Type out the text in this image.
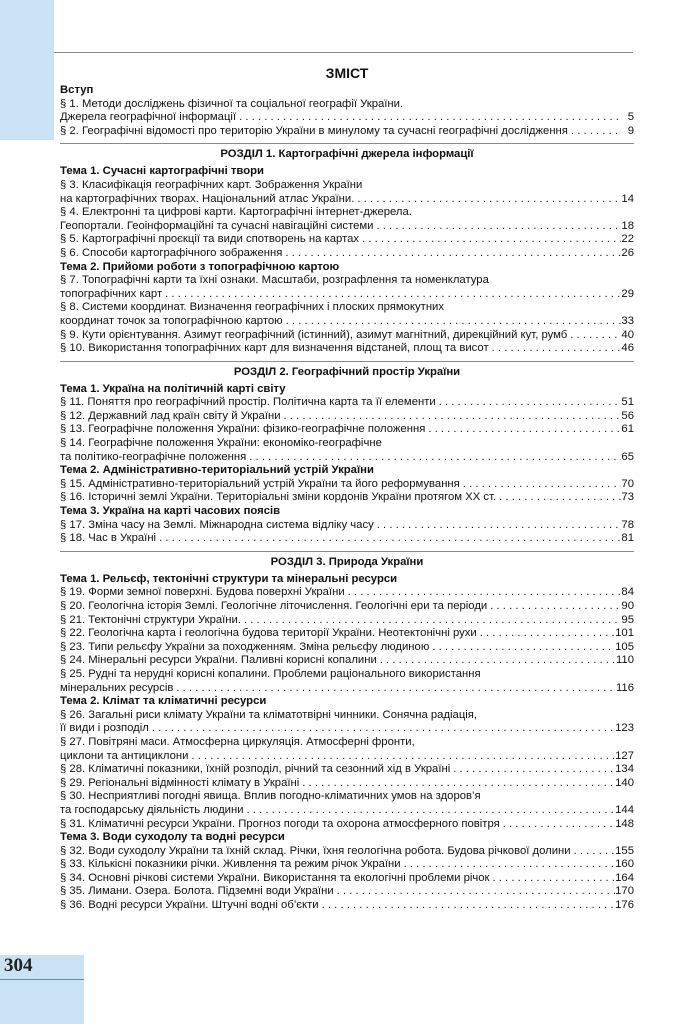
304
ЗМІСТ
Вступ
§ 1. Методи досліджень фізичної та соціальної географії України.
Джерела географічної інформації . . .	5
§ 2. Географічні відомості про територію України в минулому та сучасні географічні дослідження . . .	9
РОЗДІЛ 1. Картографічні джерела інформації
Тема 1. Сучасні картографічні твори
§ 3. Класифікація географічних карт. Зображення України
на картографічних творах. Національний атлас України. . . .	14
§ 4. Електронні та цифрові карти. Картографічні інтернет-джерела.
Геопортали. Геоінформаційні та сучасні навігаційні системи . . .	18
§ 5. Картографічні проєкції та види спотворень на картах . . .	22
§ 6. Способи картографічного зображення . . .	26
Тема 2. Прийоми роботи з топографічною картою
§ 7. Топографічні карти та їхні ознаки. Масштаби, розграфлення та номенклатура
топографічних карт . . .	29
§ 8. Системи координат. Визначення географічних і плоских прямокутних
координат точок за топографічною картою . . .	33
§ 9. Кути орієнтування. Азимут географічний (істинний), азимут магнітний, дирекційний кут, румб . . .	40
§ 10. Використання топографічних карт для визначення відстаней, площ та висот . . .	46
РОЗДІЛ 2. Географічний простір України
Тема 1. Україна на політичній карті світу
§ 11. Поняття про географічний простір. Політична карта та її елементи . . .	51
§ 12. Державний лад країн світу й України . . .	56
§ 13. Географічне положення України: фізико-географічне положення . . .	61
§ 14. Географічне положення України: економіко-географічне
та політико-географічне положення . . .	65
Тема 2. Адміністративно-територіальний устрій України
§ 15. Адміністративно-територіальний устрій України та його реформування . . .	70
§ 16. Історичні землі України. Територіальні зміни кордонів України протягом XX ст. . . .	73
Тема 3. Україна на карті часових поясів
§ 17. Зміна часу на Землі. Міжнародна система відліку часу . . .	78
§ 18. Час в Україні . . .	81
РОЗДІЛ 3. Природа України
Тема 1. Рельєф, тектонічні структури та мінеральні ресурси
§ 19. Форми земної поверхні. Будова поверхні України . . .	84
§ 20. Геологічна історія Землі. Геологічне літочислення. Геологічні ери та періоди . . .	90
§ 21. Тектонічні структури України. . . .	95
§ 22. Геологічна карта і геологічна будова території України. Неотектонічні рухи . . .	101
§ 23. Типи рельєфу України за походженням. Зміна рельєфу людиною . . .	105
§ 24. Мінеральні ресурси України. Паливні корисні копалини . . .	110
§ 25. Рудні та нерудні корисні копалини. Проблеми раціонального використання
мінеральних ресурсів . . .	116
Тема 2. Клімат та кліматичні ресурси
§ 26. Загальні риси клімату України та кліматотвірні чинники. Сонячна радіація,
її види і розподіл . . .	123
§ 27. Повітряні маси. Атмосферна циркуляція. Атмосферні фронти,
циклони та антициклони . . .	127
§ 28. Кліматичні показники, їхній розподіл, річний та сезонний хід в Україні . . .	134
§ 29. Регіональні відмінності клімату в Україні . . .	140
§ 30. Несприятливі погодні явища. Вплив погодно-кліматичних умов на здоров’я
та господарську діяльність людини . . .	144
§ 31. Кліматичні ресурси України. Прогноз погоди та охорона атмосферного повітря . . .	148
Тема 3. Води суходолу та водні ресурси
§ 32. Води суходолу України та їхній склад. Річки, їхня геологічна робота. Будова річкової долини . . .	155
§ 33. Кількісні показники річки. Живлення та режим річок України . . .	160
§ 34. Основні річкові системи України. Використання та екологічні проблеми річок . . .	164
§ 35. Лимани. Озера. Болота. Підземні води України . . .	170
§ 36. Водні ресурси України. Штучні водні об’єкти . . .	176
